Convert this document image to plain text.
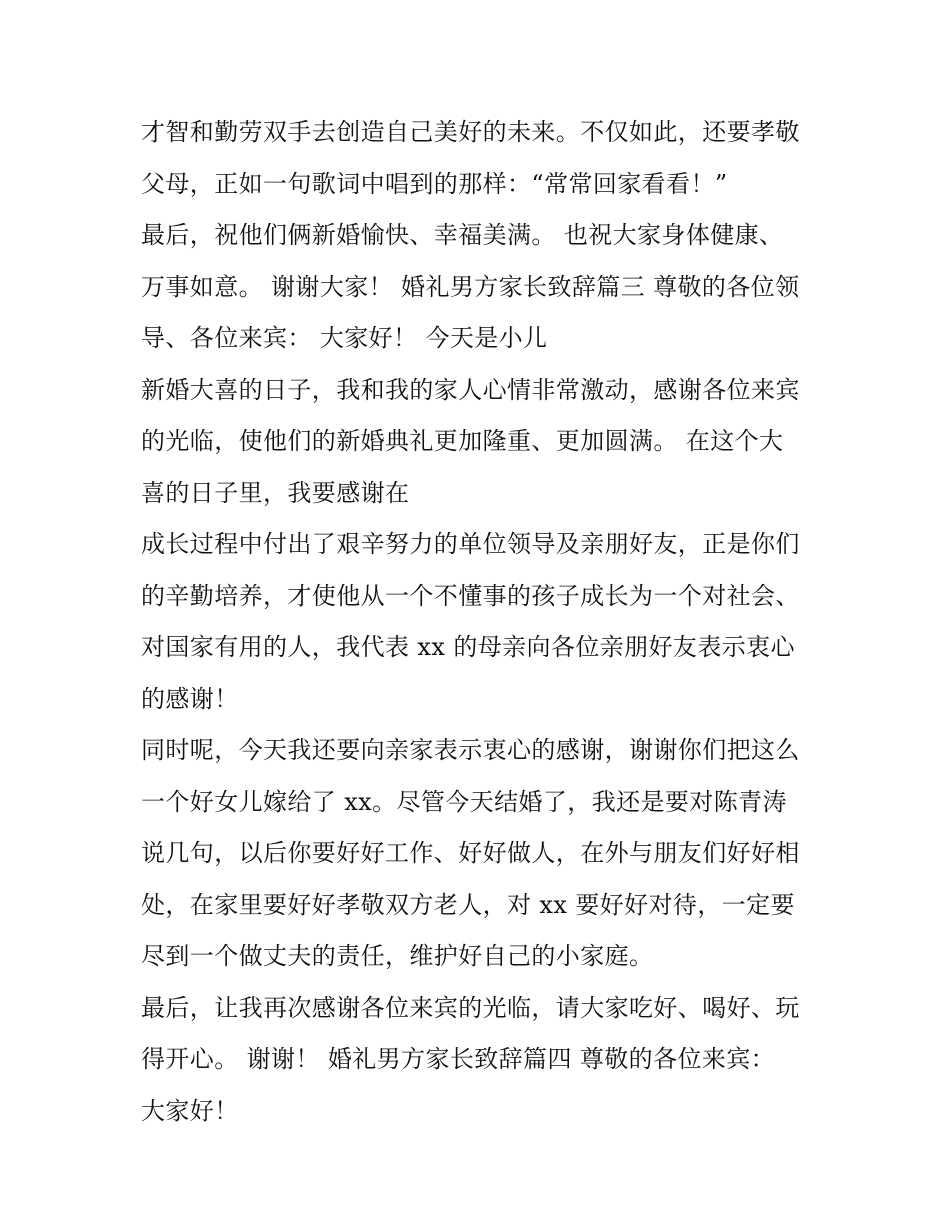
才智和勤劳双手去创造自己美好的未来。不仅如此，还要孝敬
父母，正如一句歌词中唱到的那样：“常常回家看看！”
最后，祝他们俩新婚愉快、幸福美满。 也祝大家身体健康、
万事如意。 谢谢大家！ 婚礼男方家长致辞篇三 尊敬的各位领
导、各位来宾： 大家好！ 今天是小儿
新婚大喜的日子，我和我的家人心情非常激动，感谢各位来宾
的光临，使他们的新婚典礼更加隆重、更加圆满。 在这个大
喜的日子里，我要感谢在
成长过程中付出了艰辛努力的单位领导及亲朋好友，正是你们
的辛勤培养，才使他从一个不懂事的孩子成长为一个对社会、
对国家有用的人，我代表 xx 的母亲向各位亲朋好友表示衷心
的感谢！
同时呢，今天我还要向亲家表示衷心的感谢，谢谢你们把这么
一个好女儿嫁给了 xx。尽管今天结婚了，我还是要对陈青涛
说几句，以后你要好好工作、好好做人，在外与朋友们好好相
处，在家里要好好孝敬双方老人，对 xx 要好好对待，一定要
尽到一个做丈夫的责任，维护好自己的小家庭。
最后，让我再次感谢各位来宾的光临，请大家吃好、喝好、玩
得开心。 谢谢！ 婚礼男方家长致辞篇四 尊敬的各位来宾：
大家好！
